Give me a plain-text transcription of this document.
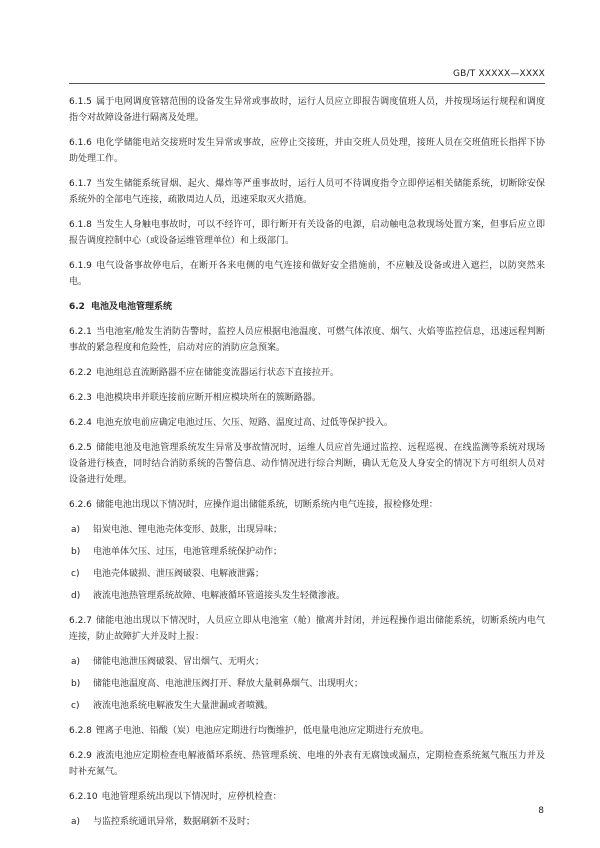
GB/T XXXXX—XXXX

6.1.5 属于电网调度管辖范围的设备发生异常或事故时，运行人员应立即报告调度值班人员，并按现场运行规程和调度指令对故障设备进行隔离及处理。

6.1.6 电化学储能电站交接班时发生异常或事故，应停止交接班，并由交班人员处理，接班人员在交班值班长指挥下协助处理工作。

6.1.7 当发生储能系统冒烟、起火、爆炸等严重事故时，运行人员可不待调度指令立即停运相关储能系统，切断除安保系统外的全部电气连接，疏散周边人员，迅速采取灭火措施。

6.1.8 当发生人身触电事故时，可以不经许可，即行断开有关设备的电源，启动触电急救现场处置方案，但事后应立即报告调度控制中心（或设备运维管理单位）和上级部门。

6.1.9 电气设备事故停电后，在断开各来电侧的电气连接和做好安全措施前，不应触及设备或进入遮拦，以防突然来电。

6.2 电池及电池管理系统

6.2.1 当电池室/舱发生消防告警时，监控人员应根据电池温度、可燃气体浓度、烟气、火焰等监控信息，迅速远程判断事故的紧急程度和危险性，启动对应的消防应急预案。

6.2.2 电池组总直流断路器不应在储能变流器运行状态下直接拉开。

6.2.3 电池模块串并联连接前应断开相应模块所在的簇断路器。

6.2.4 电池充放电前应确定电池过压、欠压、短路、温度过高、过低等保护投入。

6.2.5 储能电池及电池管理系统发生异常及事故情况时，运维人员应首先通过监控、远程巡视、在线监测等系统对现场设备进行核查，同时结合消防系统的告警信息、动作情况进行综合判断，确认无危及人身安全的情况下方可组织人员对设备进行处理。

6.2.6 储能电池出现以下情况时，应操作退出储能系统，切断系统内电气连接，报检修处理：

a) 铅炭电池、锂电池壳体变形、鼓胀，出现异味；
b) 电池单体欠压、过压，电池管理系统保护动作；
c) 电池壳体破损、泄压阀破裂、电解液泄露；
d) 液流电池热管理系统故障、电解液循环管道接头发生轻微渗液。

6.2.7 储能电池出现以下情况时，人员应立即从电池室（舱）撤离并封闭，并远程操作退出储能系统，切断系统内电气连接，防止故障扩大并及时上报：

a) 储能电池泄压阀破裂、冒出烟气、无明火；
b) 储能电池温度高、电池泄压阀打开、释放大量刺鼻烟气、出现明火；
c) 液流电池系统电解液发生大量泄漏或者喷溅。

6.2.8 锂离子电池、铅酸（炭）电池应定期进行均衡维护，低电量电池应定期进行充放电。

6.2.9 液流电池应定期检查电解液循环系统、热管理系统、电堆的外表有无腐蚀或漏点，定期检查系统氮气瓶压力并及时补充氮气。

6.2.10 电池管理系统出现以下情况时，应停机检查：

a) 与监控系统通讯异常，数据刷新不及时；
8
